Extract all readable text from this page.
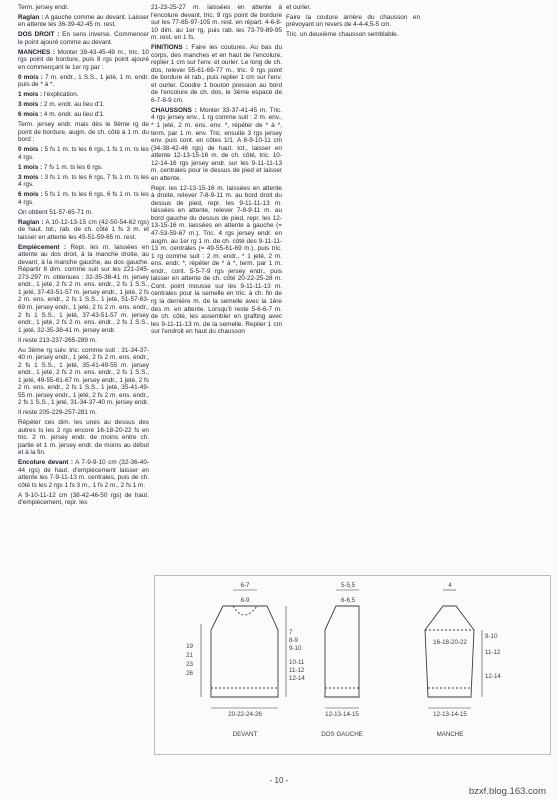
Term. jersey endr.

Raglan : A gauche comme au devant. Laisser en attente les 36-39-42-45 m. rest.

DOS DROIT : En sens inverse. Commencer le point ajouré comme au devant.

MANCHES : Monter 39-43-45-49 m., tric. 10 rgs point de bordure, puis 8 rgs point ajouré en commençant le 1er rg par :

0 mois : 7 m. endr., 1 S.S., 1 jeté, 1 m. endr. puis de * à *.

1 mois : l'explication.

3 mois : 2 m. endr. au lieu d'1.

6 mois : 4 m. endr. au lieu d'1.

Term. jersey endr. mais dès le 9ème rg de point de bordure, augm. de ch. côté à 1 m. du bord :

0 mois : 5 fs 1 m. ts les 6 rgs, 1 fs 1 m. ts les 4 rgs.

1 mois : 7 fs 1 m. ts les 6 rgs.

3 mois : 3 fs 1 m. ts les 6 rgs, 7 fs 1 m. ts les 4 rgs.

6 mois : 5 fs 1 m. ts les 6 rgs, 6 fs 1 m. ts les 4 rgs.

On obtient 51-57-65-71 m.

Raglan : A 10-12-13-15 cm (42-50-54-62 rgs) de haut. tot., rab. de ch. côté 1 fs 3 m. et laisser en attente les 45-51-59-65 m. rest.

Empiècement : Repr. les m. laissées en attente au dos droit, à la manche droite, au devant, à la manche gauche, au dos gauche. Répartir 8 dim. comme suit sur les 221-245-273-297 m. obtenues : 32-35-38-41 m. jersey endr., 1 jeté, 2 fs 2 m. ens. endr., 2 fs 1 S.S., 1 jeté, 37-43-51-57 m. jersey endr., 1 jeté, 2 fs 2 m. ens. endr., 2 fs 1 S.S., 1 jeté, 51-57-63-69 m. jersey endr., 1 jeté, 2 fs 2 m. ens. endr., 2 fs 1 S.S., 1 jeté, 37-43-51-57 m. jersey endr., 1 jeté, 2 fs 2 m. ens. endr., 2 fs 1 S.S., 1 jeté, 32-35-38-41 m. jersey endr.

Il reste 213-237-265-289 m.

Au 3ème rg suiv. tric. comme suit : 31-34-37-40 m. jersey endr., 1 jeté, 2 fs 2 m. ens. endr., 2 fs 1 S.S., 1 jeté, 35-41-49-55 m. jersey endr., 1 jeté, 2 fs 2 m. ens. endr., 2 fs 1 S.S., 1 jeté, 49-55-61-67 m. jersey endr., 1 jeté, 2 fs 2 m. ens. endr., 2 fs 1 S.S., 1 jeté, 35-41-49-55 m. jersey endr., 1 jeté, 2 fs 2 m. ens. endr., 2 fs 1 S.S., 1 jeté, 31-34-37-40 m. jersey endr.

Il reste 205-229-257-281 m.

Répéter ces dim. les unes au dessus des autres ts les 2 rgs encore 16-18-20-22 fs en tric. 2 m. jersey endr. de moins entre ch. partie et 1 m. jersey endr. de moins au début et à la fin.

Encolure devant : A 7-9-9-10 cm (32-36-40-44 rgs) de haut. d'empiècement laisser en attente les 7-9-11-13 m. centrales, puis de ch. côté ts les 2 rgs 1 fs 3 m., 1 fs 2 m., 2 fs 1 m.

A 9-10-11-12 cm (38-42-46-50 rgs) de haut. d'empiècement, repr. les

21-23-25-27 m. laissées en attente à l'encolure devant, tric. 9 rgs point de bordure sur les 77-85-97-105 m. rest. en répart. 4-6-8-10 dim. au 1er rg, puis rab. les 73-79-89-95 m. rest. en 1 fs.

FINITIONS : Faire les coutures. Au bas du corps, des manches et en haut de l'encolure, replier 1 cm sur l'env. et ourler. Le long de ch. dos, relever 55-61-69-77 m., tric. 9 rgs point de bordure et rab., puis replier 1 cm sur l'env. et ourler. Coudre 1 bouton pression au bord de l'encolure de ch. dos, le 3ème espacé de 6-7-8-9 cm.

CHAUSSONS : Monter 33-37-41-45 m. Tric. 4 rgs jersey env., 1 rg comme suit : 2 m. env., * 1 jeté, 2 m. ens. env. *, répéter de * à *, term. par 1 m. env. Tric. ensuite 3 rgs jersey env. puis cont. en côtes 1/1. A 8-9-10-11 cm (34-38-42-46 rgs) de haut. tot., laisser en attente 12-13-15-16 m. de ch. côté, tric. 10-12-14-16 rgs jersey endr. sur les 9-11-11-13 m. centrales pour le dessus de pied et laisser en attente.

Repr. les 12-13-15-16 m. laissées en attente à droite, relever 7-8-9-11 m. au bord droit du dessus de pied, repr. les 9-11-11-13 m. laissées en attente, relever 7-8-9-11 m. au bord gauche du dessus de pied, repr. les 12-13-15-16 m. laissées en attente à gauche (= 47-53-59-67 m.). Tric. 4 rgs jersey endr. en augm. au 1er rg 1 m. de ch. côté des 9-11-11-13 m. centrales (= 49-55-61-69 m.), puis tric. 1 rg comme suit : 2 m. endr., * 1 jeté, 2 m. ens. endr. *, répéter de * à *, term. par 1 m. endr., cont. 5-5-7-9 rgs jersey endr., puis laisser en attente de ch. côté 20-22-25-28 m. Cont. point mousse sur les 9-11-11-13 m. centrales pour la semelle en tric. à ch. fin de rg la dernière m. de la semelle avec la 1ère des m. en attente. Lorsqu'il reste 5-6-6-7 m. de ch. côté, les assembler en grafting avec les 9-11-11-13 m. de la semelle. Replier 1 cm sur l'endroit en haut du chausson

et ourler.

Faire la couture arrière du chausson en prévoyant un revers de 4-4-4,5-5 cm.

Tric. un deuxième chausson semblable.

8-9
6-7
7
8-9
9-10
10-11
11-12
12-14
19
21
23
26
20-22-24-26
DEVANT
5-5,5
6-6,5
12-13-14-15
DOS GAUCHE
4
16-18-20-22
9-10
11-12
12-14
12-13-14-15
MANCHE
- 10 -
bzxf.blog.163.com
